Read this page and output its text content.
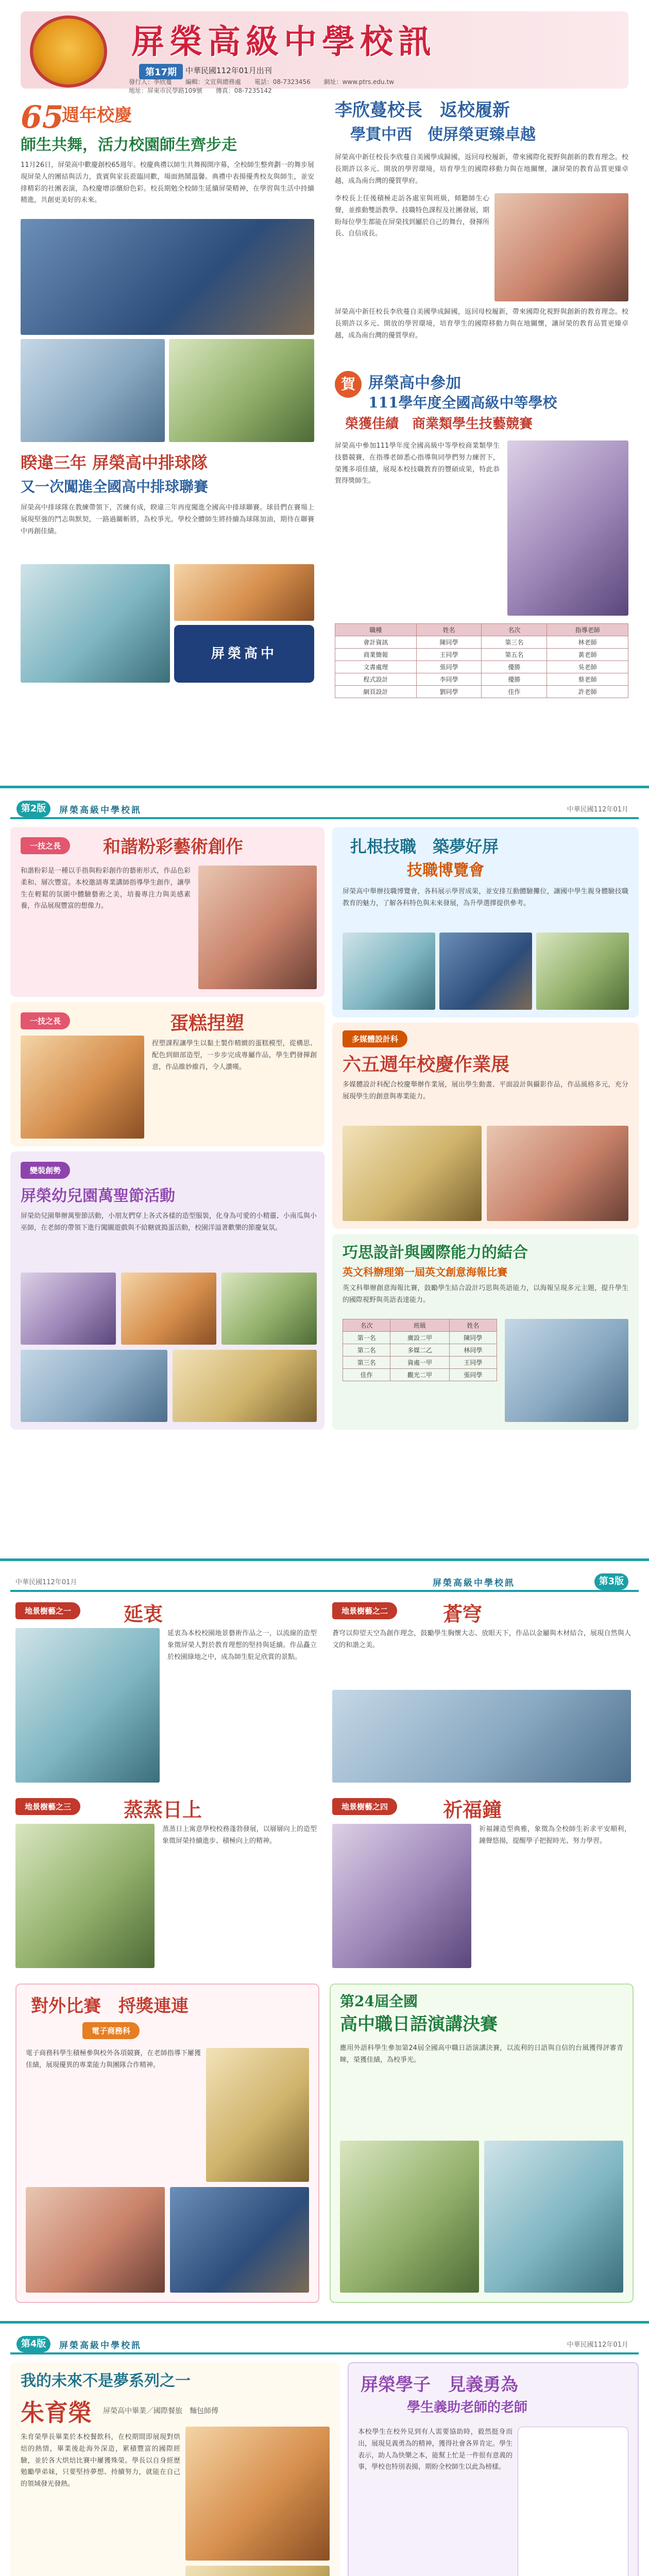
屏榮高級中學校訊
第17期	中華民國112年01月出刊
發行人：李欣蔓 編輯：文宣與總務處 電話：08-7323456 網址：www.ptrs.edu.tw 地址：屏東市民學路109號 傳真：08-7235142
65
週年校慶
師生共舞，活力校園師生齊步走
11月26日，屏榮高中歡慶創校65週年。校慶典禮以師生共舞揭開序幕，全校師生整齊劃一的舞步展現屏榮人的團結與活力，貴賓與家長蒞臨同歡，場面熱鬧溫馨。典禮中表揚優秀校友與師生，並安排精彩的社團表演，為校慶增添繽紛色彩。校長期勉全校師生延續屏榮精神，在學習與生活中持續精進，共創更美好的未來。
李欣蔓校長　返校履新
學貫中西　使屏榮更臻卓越
屏榮高中新任校長李欣蔓自美國學成歸國，返回母校履新，帶來國際化視野與創新的教育理念。校長期許以多元、開放的學習環境，培育學生的國際移動力與在地關懷，讓屏榮的教育品質更臻卓越，成為南台灣的優質學府。
李校長上任後積極走訪各處室與班級，傾聽師生心聲，並推動雙語教學、技職特色課程及社團發展，期盼每位學生都能在屏榮找到屬於自己的舞台，發揮所長、自信成長。
屏榮高中新任校長李欣蔓自美國學成歸國，返回母校履新，帶來國際化視野與創新的教育理念。校長期許以多元、開放的學習環境，培育學生的國際移動力與在地關懷，讓屏榮的教育品質更臻卓越，成為南台灣的優質學府。
賀 屏榮高中參加
111學年度全國高級中等學校
榮獲佳績　商業類學生技藝競賽
屏榮高中參加111學年度全國高級中等學校商業類學生技藝競賽，在指導老師悉心指導與同學們努力練習下，榮獲多項佳績，展現本校技職教育的豐碩成果，特此恭賀得獎師生。
職種	姓名	名次	指導老師
會計資訊	陳同學	第三名	林老師
商業簡報	王同學	第五名	黃老師
文書處理	張同學	優勝	吳老師
程式設計	李同學	優勝	蔡老師
網頁設計	劉同學	佳作	許老師
睽違三年 屏榮高中排球隊
又一次闖進全國高中排球聯賽
屏榮高中排球隊在教練帶領下，苦練有成，睽違三年再度闖進全國高中排球聯賽。球員們在賽場上展現堅強的鬥志與默契，一路過關斬將，為校爭光。學校全體師生將持續為球隊加油，期待在聯賽中再創佳績。
屏榮高中
第2版	屏榮高級中學校訊	中華民國112年01月
一技之長	和諧粉彩藝術創作
和諧粉彩是一種以手指與粉彩創作的藝術形式，作品色彩柔和、層次豐富。本校邀請專業講師指導學生創作，讓學生在輕鬆的氛圍中體驗藝術之美，培養專注力與美感素養，作品展現豐富的想像力。
一技之長	蛋糕捏塑
捏塑課程讓學生以黏土製作精緻的蛋糕模型，從構思、配色到細部造型，一步步完成專屬作品，學生們發揮創意，作品維妙維肖，令人讚嘆。
變裝創勢
屏榮幼兒園萬聖節活動
屏榮幼兒園舉辦萬聖節活動，小朋友們穿上各式各樣的造型服裝，化身為可愛的小精靈、小南瓜與小巫師，在老師的帶領下進行闖關遊戲與不給糖就搗蛋活動，校園洋溢著歡樂的節慶氣氛。
扎根技職　築夢好屏
技職博覽會
屏榮高中舉辦技職博覽會，各科展示學習成果，並安排互動體驗攤位，讓國中學生親身體驗技職教育的魅力，了解各科特色與未來發展，為升學選擇提供參考。
多媒體設計科
六五週年校慶作業展
多媒體設計科配合校慶舉辦作業展，展出學生動畫、平面設計與攝影作品，作品風格多元，充分展現學生的創意與專業能力。
巧思設計與國際能力的結合
英文科辦理第一屆英文創意海報比賽
英文科舉辦創意海報比賽，鼓勵學生結合設計巧思與英語能力，以海報呈現多元主題，提升學生的國際視野與英語表達能力。
名次	班級	姓名
第一名	廣設二甲	陳同學
第二名	多媒二乙	林同學
第三名	資處一甲	王同學
佳作	觀光二甲	張同學
第3版
屏榮高級中學校訊
中華民國112年01月
地景樹藝之一	延衷
延衷為本校校園地景藝術作品之一，以流線的造型象徵屏榮人對於教育理想的堅持與延續。作品矗立於校園綠地之中，成為師生駐足欣賞的景點。
地景樹藝之二	蒼穹
蒼穹以仰望天空為創作理念，鼓勵學生胸懷大志、放眼天下，作品以金屬與木材結合，展現自然與人文的和諧之美。
地景樹藝之三	蒸蒸日上
蒸蒸日上寓意學校校務蓬勃發展，以層層向上的造型象徵屏榮持續進步、積極向上的精神。
地景樹藝之四	祈福鐘
祈福鐘造型典雅，象徵為全校師生祈求平安順利，鐘聲悠揚，提醒學子把握時光、努力學習。
對外比賽　捋獎連連
電子商務科
電子商務科學生積極參與校外各項競賽，在老師指導下屢獲佳績，展現優異的專業能力與團隊合作精神。
第24屆全國
高中職日語演講決賽
應用外語科學生參加第24屆全國高中職日語演講決賽，以流利的日語與自信的台風獲得評審青睞，榮獲佳績，為校爭光。
第4版	屏榮高級中學校訊	中華民國112年01月
我的未來不是夢系列之一
朱育榮 屏榮高中畢業／國際餐旅　麵包師傅
朱育榮學長畢業於本校餐飲科，在校期間即展現對烘焙的熱情，畢業後赴海外深造，累積豐富的國際經驗，並於各大烘焙比賽中屢獲殊榮。學長以自身經歷勉勵學弟妹，只要堅持夢想、持續努力，就能在自己的領域發光發熱。
屏榮學子　見義勇為
學生義助老師的老師
本校學生在校外見到有人需要協助時，毅然挺身而出，展現見義勇為的精神，獲得社會各界肯定。學生表示，助人為快樂之本，能幫上忙是一件很有意義的事，學校也特別表揚，期盼全校師生以此為榜樣。
